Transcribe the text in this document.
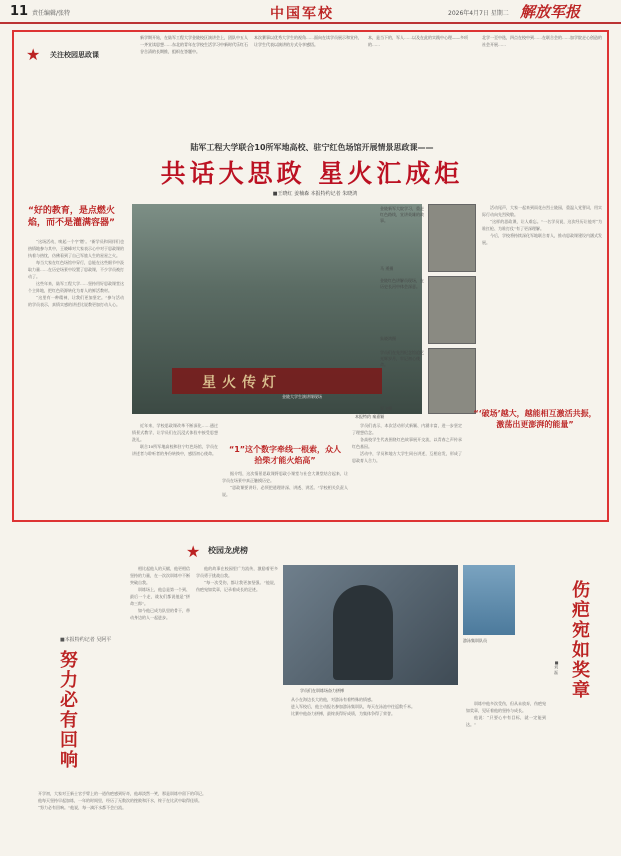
11 责任编辑/张特	中国军校	2026年4月7日 星期二 解放军报
新学期开始，在陆军工程大学金陵校区演讲会上，团队中五人一齐宣读思想……东北的青年在学校生活学习中新时代乐红石谷合清的长期推，组织在答题中。
本次赛事以优秀大学生的视角……面向在读学员展示和宣传，让学生代表以演讲的方式分享感悟。
本，是当下的，军人……以及在此的实践中心理——多项的……
北学一至中选，四点在校中到……在联合会的……加学院走心创造的社会开展……
★ 关注校园思政课
陆军工程大学联合10所军地高校、驻宁红色场馆开展情景思政课——
共话大思政 星火汇成炬
■王晓红 姜楠森 本报特约记者 朱晓鸿
“好的教育，是点燃火焰，而不是灌满容器”

“这场活动，唤起一个字‘燃’。”新学员和同伴们也热情地参与其中，王晓峰对大家表示心中对于思政课的执着与热忱，仿佛看到了自己军旅人生的星星之火。

每当大家在红色场馆中穿行，总能在这些细节中汲取力量……在历史场景中设置了思政课，不少学员被打动了。

这些年来，陆军工程大学……坚持用好思政课堂这个主阵地，把红色资源转化为育人的鲜活教材。

“这里有一种精神，让我们更加坚定。”参与活动的学员表示，真情实感的讲述比说教更加打动人心。

星火传灯
金陵大学生演讲课现场
本报特约 秦嘉颖
金陵新军大院学习，重走红色路线，宣讲英雄的故事。
马 勇摄
金陵红色讲解员现场，在历史长河中体会深意。
朱晓鸿摄
学员们在先烈纪念馆追忆光辉岁月，牢记初心使命。
蔡飞摄

近年来，学校思政课改革不断深化……通过情景式教学，让学员们在沉浸式体验中接受思想洗礼。

联合10所军地高校和驻宁红色场馆，学员在讲述者与聆听者的身份转换中，感悟初心使命。	“1”这个数字牵线一根索，众人拾柴才能火焰高”

据介绍，这次情景思政课将思政小课堂与社会大课堂结合起来，让学员在场景中真正触摸历史。

“思政课要讲好，必须把道理讲深、讲透、讲活。”学校相关负责人说。

学员们表示，本次活动形式新颖、内涵丰富，进一步坚定了理想信念。

各高校学生代表围绕红色故事展开交流，以青春之声传承红色基因。

活动中，学员和地方大学生同台讲述，互相启发，形成了思政育人合力。

活动尾声，大家一起来到雨花台烈士陵园，重温入党誓词，用实际行动向先烈致敬。

“这样的思政课，让人难忘。”一名学员说，这次经历让他对“为谁扛枪、为谁打仗”有了更深理解。

今后，学校将持续深化军地联合育人，推动思政课建设内涵式发展。

“‘破场’越大，越能相互激活共振，激荡出更澎湃的能量”
★ 校园龙虎榜
■本报特约记者 吴阿平
努力必有回响

开学初，大家对王新士官手臂上的一道伤疤感到好奇，他却淡然一笑，那是训练中留下的印记。

他每天坚持早起加练，一年的时间里，经历了无数次的挫败和汗水，终于在比武中取得佳绩。

“努力必有回响。”他说，每一滴汗水都不会白流。

相比起他人的天赋，他更相信坚持的力量，在一次次训练中不断突破自我。

训练场上，他总是第一个到、最后一个走，战友们都说他是“拼命三郎”。

如今他已成为队里的骨干，带动身边的人一起进步。

他的故事在校园里广为流传，激励着更多学员勇于挑战自我。

“每一次受伤，都让我更加坚强。”他说，伤疤宛如奖章，记录着成长的足迹。

学员们在训练场奋力拼搏
游泳集训队员

从小在海边长大的他，对游泳有着特殊的情感。

进入军校后，他主动报名参加游泳集训队，每天在泳池中往返数千米。

比赛中他奋力拼搏，最终获得好成绩，为集体争得了荣誉。

训练中他多次受伤，但从未放弃，伤疤宛如奖章，见证着他的坚持与成长。

他说：“只要心中有目标，就一定能到达。”

伤疤宛如奖章
■刘 磊
